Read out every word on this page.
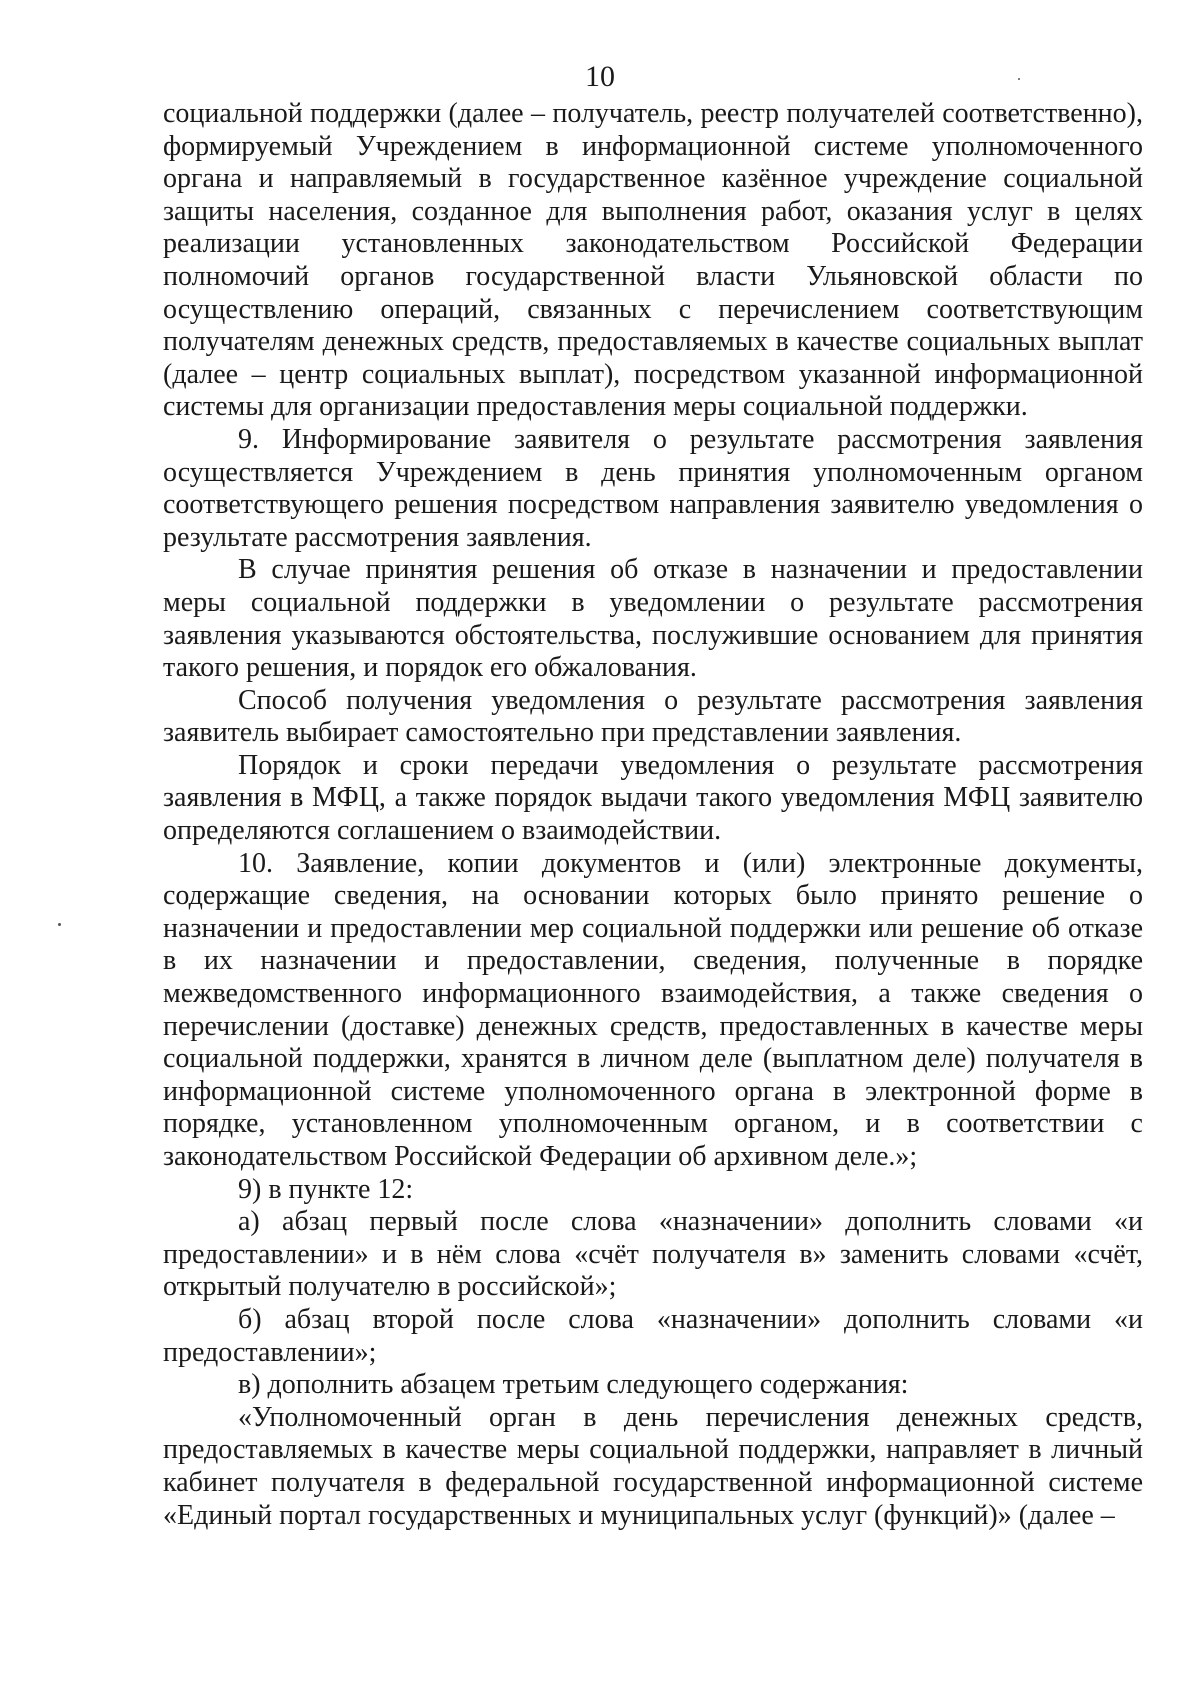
10

социальной поддержки (далее – получатель, реестр получателей соответственно), формируемый Учреждением в информационной системе уполномоченного органа и направляемый в государственное казённое учреждение социальной защиты населения, созданное для выполнения работ, оказания услуг в целях реализации установленных законодательством Российской Федерации полномочий органов государственной власти Ульяновской области по осуществлению операций, связанных с перечислением соответствующим получателям денежных средств, предоставляемых в качестве социальных выплат (далее – центр социальных выплат), посредством указанной информационной системы для организации предоставления меры социальной поддержки.

9. Информирование заявителя о результате рассмотрения заявления осуществляется Учреждением в день принятия уполномоченным органом соответствующего решения посредством направления заявителю уведомления о результате рассмотрения заявления.

В случае принятия решения об отказе в назначении и предоставлении меры социальной поддержки в уведомлении о результате рассмотрения заявления указываются обстоятельства, послужившие основанием для принятия такого решения, и порядок его обжалования.

Способ получения уведомления о результате рассмотрения заявления заявитель выбирает самостоятельно при представлении заявления.

Порядок и сроки передачи уведомления о результате рассмотрения заявления в МФЦ, а также порядок выдачи такого уведомления МФЦ заявителю определяются соглашением о взаимодействии.

10. Заявление, копии документов и (или) электронные документы, содержащие сведения, на основании которых было принято решение о назначении и предоставлении мер социальной поддержки или решение об отказе в их назначении и предоставлении, сведения, полученные в порядке межведомственного информационного взаимодействия, а также сведения о перечислении (доставке) денежных средств, предоставленных в качестве меры социальной поддержки, хранятся в личном деле (выплатном деле) получателя в информационной системе уполномоченного органа в электронной форме в порядке, установленном уполномоченным органом, и в соответствии с законодательством Российской Федерации об архивном деле.»;

9) в пункте 12:

а) абзац первый после слова «назначении» дополнить словами «и предоставлении» и в нём слова «счёт получателя в» заменить словами «счёт, открытый получателю в российской»;

б) абзац второй после слова «назначении» дополнить словами «и предоставлении»;

в) дополнить абзацем третьим следующего содержания:

«Уполномоченный орган в день перечисления денежных средств, предоставляемых в качестве меры социальной поддержки, направляет в личный кабинет получателя в федеральной государственной информационной системе «Единый портал государственных и муниципальных услуг (функций)» (далее –
